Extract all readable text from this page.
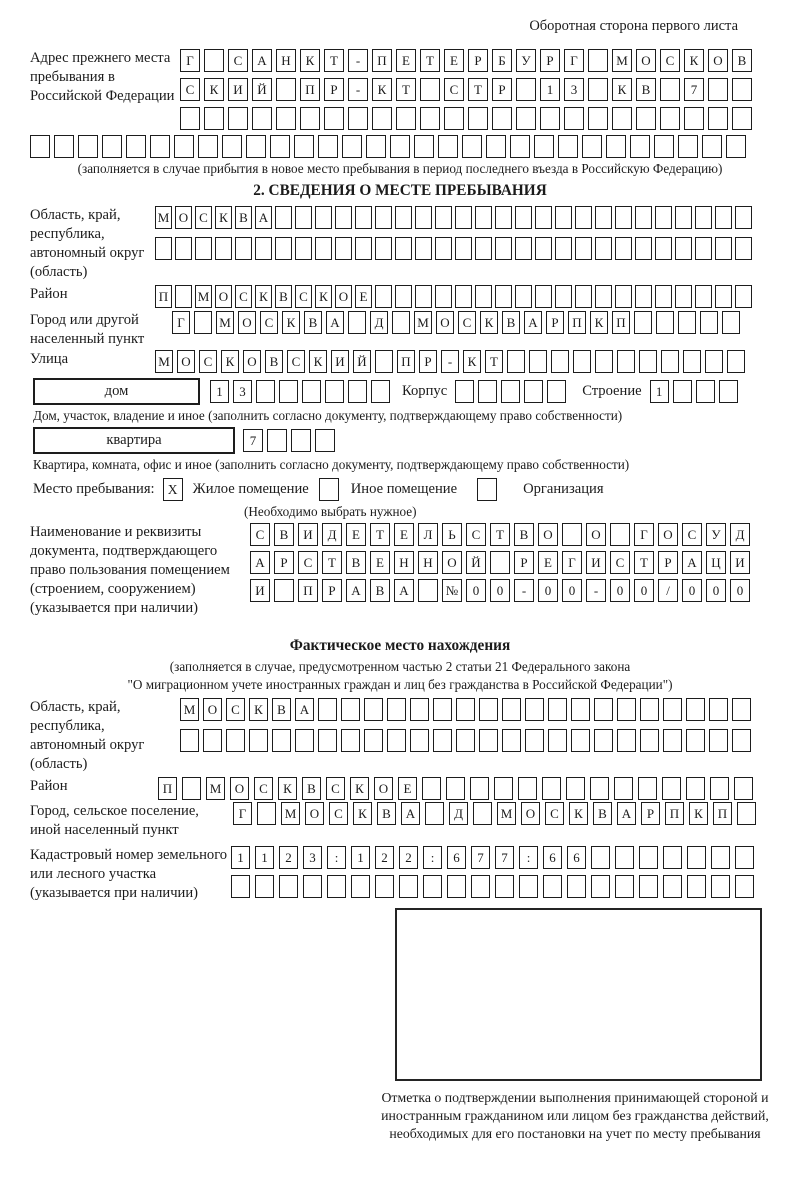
Оборотная сторона первого листа
Адрес прежнего места пребывания в Российской Федерации
Г	С	А	Н	К	Т	-	П	Е	Т	Е	Р	Б	У	Р	Г	М	О	С	К	О	В
С	К	И	Й	П	Р	-	К	Т	С	Т	Р	1	3	К	В	7
(заполняется в случае прибытия в новое место пребывания в период последнего въезда в Российскую Федерацию)
2. СВЕДЕНИЯ О МЕСТЕ ПРЕБЫВАНИЯ
Область, край, республика, автономный округ (область)
М О С К В А
Район	П М О С К В С К О Е
Город или другой населенный пункт
Г	М О С	К	В А	Д	М О С	К	В А	Р	П К П
Улица	М О С	К О В	С	К И Й	П	Р	-	К	Т
дом	1	3	Корпус	Строение	1
Дом, участок, владение и иное (заполнить согласно документу, подтверждающему право собственности)
квартира	7
Квартира, комната, офис и иное (заполнить согласно документу, подтверждающему право собственности)
Место пребывания: X	Жилое помещение	Иное помещение	Организация
(Необходимо выбрать нужное)
Наименование и реквизиты документа, подтверждающего право пользования помещением (строением, сооружением) (указывается при наличии)
С	В	И	Д	Е	Т	Е	Л	Ь	С	Т	В	О	О	Г	О	С	У	Д
А	Р	С	Т	В	Е	Н	Н	О	Й	Р	Е	Г	И	С	Т	Р	А	Ц	И
И	П	Р	А	В	А	№	0	0	-	0	0	-	0	0	/	0	0	0
Фактическое место нахождения
(заполняется в случае, предусмотренном частью 2 статьи 21 Федерального закона
"О миграционном учете иностранных граждан и лиц без гражданства в Российской Федерации")
Область, край, республика, автономный округ (область)
М О	С	К	В	А
Район	П	М	О	С	К	В	С	К	О	Е
Город, сельское поселение, иной населенный пункт
Г	М	О	С	К	В	А	Д	М	О	С	К	В	А	Р	П	К	П
Кадастровый номер земельного или лесного участка (указывается при наличии)
1	1	2	3	:	1	2	2	:	6	7	7	:	6	6
Отметка о подтверждении выполнения принимающей стороной и иностранным гражданином или лицом без гражданства действий, необходимых для его постановки на учет по месту пребывания
